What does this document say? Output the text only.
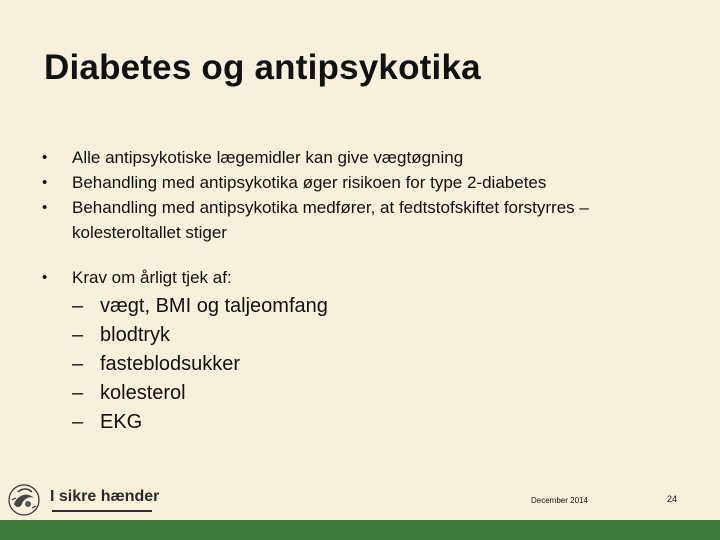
Diabetes og antipsykotika
• Alle antipsykotiske lægemidler kan give vægtøgning
• Behandling med antipsykotika øger risikoen for type 2-diabetes
• Behandling med antipsykotika medfører, at fedtstofskiftet forstyrres – kolesteroltallet stiger
• Krav om årligt tjek af:
– vægt, BMI og taljeomfang
– blodtryk
– fasteblodsukker
– kolesterol
– EKG
I sikre hænder	December 2014	24
